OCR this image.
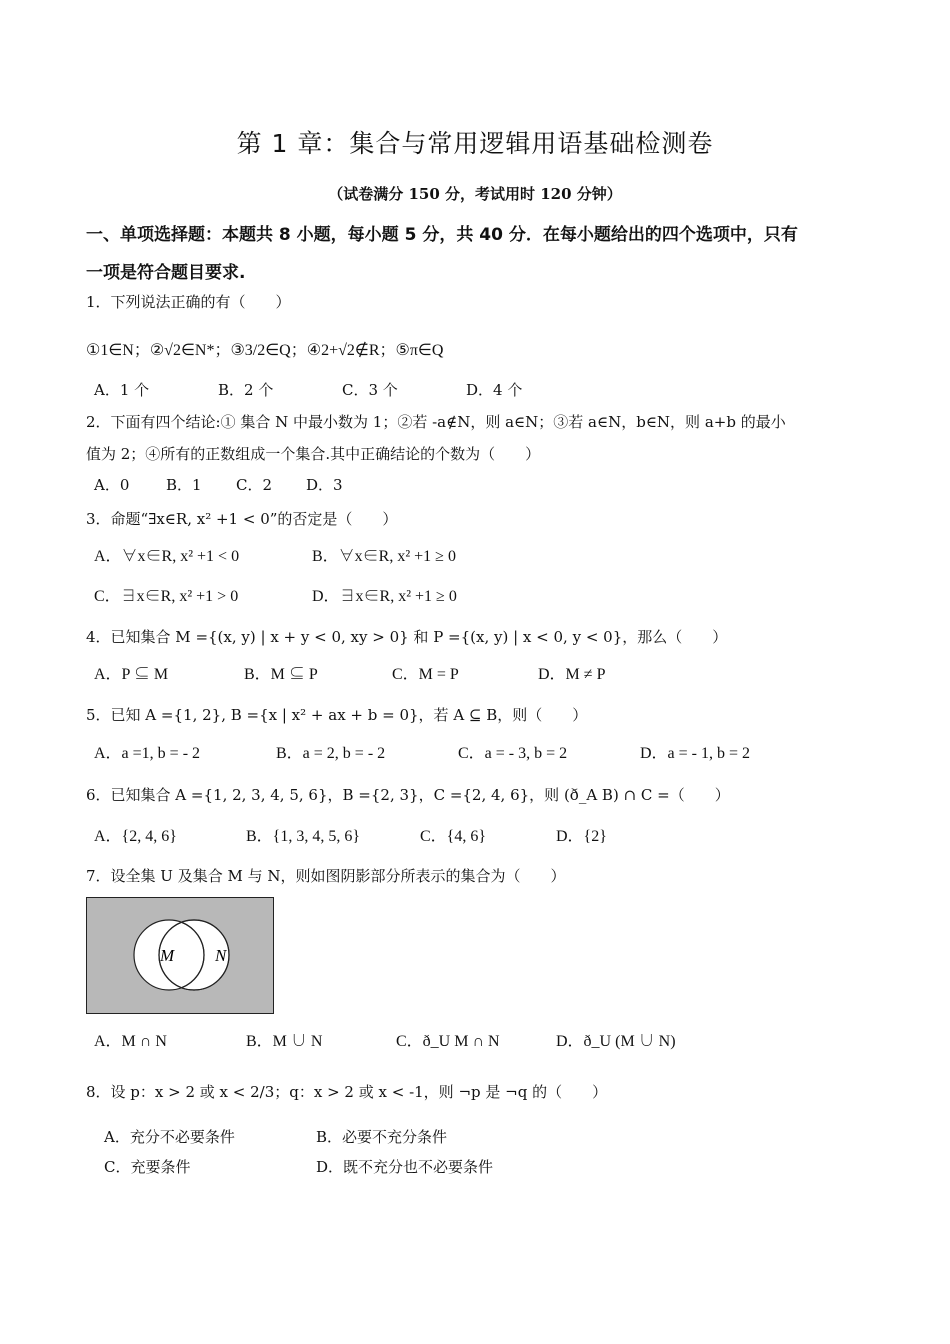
第 1 章：集合与常用逻辑用语基础检测卷
（试卷满分 150 分，考试用时 120 分钟）
一、单项选择题：本题共 8 小题，每小题 5 分，共 40 分．在每小题给出的四个选项中，只有
一项是符合题目要求.
1．下列说法正确的有（　　）
①1∈N；②√2∈N*；③3/2∈Q；④2+√2∉R；⑤π∈Q
A．1 个	B．2 个	C．3 个	D．4 个
2．下面有四个结论:① 集合 N 中最小数为 1；②若 -a∉N，则 a∈N；③若 a∈N，b∈N，则 a+b 的最小
值为 2；④所有的正数组成一个集合.其中正确结论的个数为（　　）
A．0 B．1 C．2 D．3
3．命题“∃x∈R, x² +1 < 0”的否定是（　　）
A．∀x∈R, x² +1 < 0	B．∀x∈R, x² +1 ≥ 0
C．∃x∈R, x² +1 > 0	D．∃x∈R, x² +1 ≥ 0
4．已知集合 M ={(x, y) | x + y < 0, xy > 0} 和 P ={(x, y) | x < 0, y < 0}，那么（　　）
A．P ⊆ M	B．M ⊆ P	C．M = P	D．M ≠ P
5．已知 A ={1, 2}, B ={x | x² + ax + b = 0}，若 A ⊆ B，则（　　）
A．a =1, b = - 2	B．a = 2, b = - 2	C．a = - 3, b = 2	D．a = - 1, b = 2
6．已知集合 A ={1, 2, 3, 4, 5, 6}，B ={2, 3}，C ={2, 4, 6}，则 (ð_A B) ∩ C =（　　）
A．{2, 4, 6}	B．{1, 3, 4, 5, 6}	C．{4, 6}	D．{2}
7．设全集 U 及集合 M 与 N，则如图阴影部分所表示的集合为（　　）
M N
A．M ∩ N	B．M ∪ N	C．ð_U M ∩ N	D．ð_U (M ∪ N)
8．设 p：x > 2 或 x < 2/3；q：x > 2 或 x < -1，则 ¬p 是 ¬q 的（　　）
A．充分不必要条件	B．必要不充分条件
C．充要条件	D．既不充分也不必要条件
